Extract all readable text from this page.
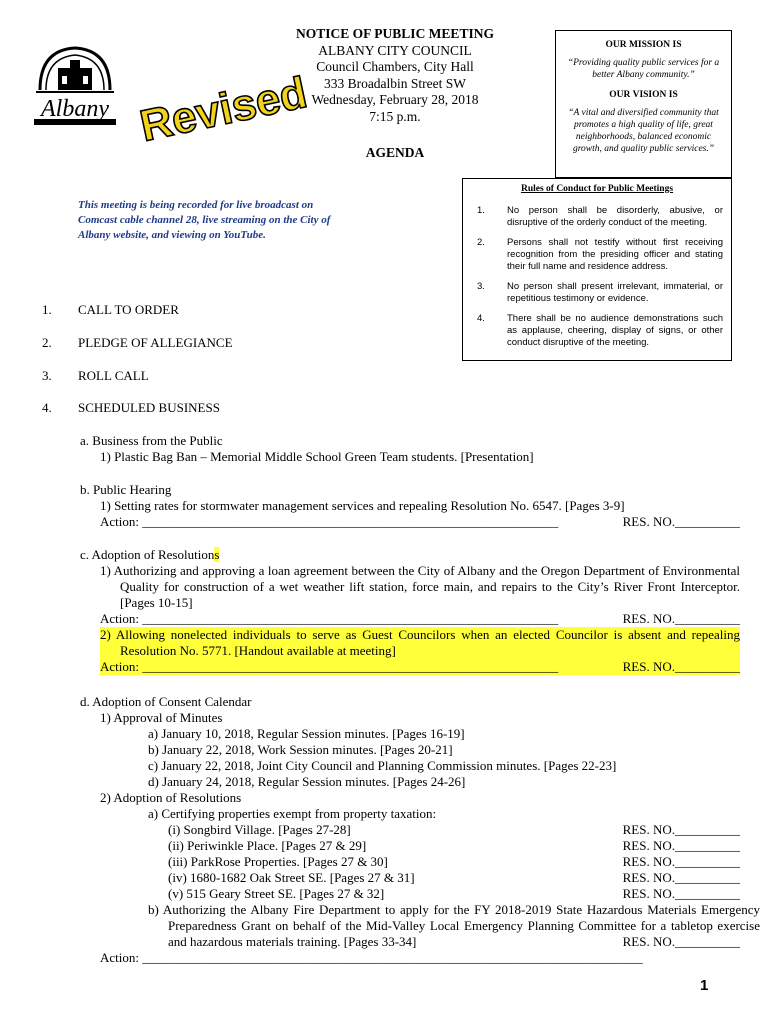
Albany Revised
NOTICE OF PUBLIC MEETING
ALBANY CITY COUNCIL
Council Chambers, City Hall
333 Broadalbin Street SW
Wednesday, February 28, 2018
7:15 p.m.
AGENDA
OUR MISSION IS
“Providing quality public services for a better Albany community.”
OUR VISION IS
“A vital and diversified community that promotes a high quality of life, great neighborhoods, balanced economic growth, and quality public services.”
Rules of Conduct for Public Meetings
1.	No person shall be disorderly, abusive, or disruptive of the orderly conduct of the meeting.
2.	Persons shall not testify without first receiving recognition from the presiding officer and stating their full name and residence address.
3.	No person shall present irrelevant, immaterial, or repetitious testimony or evidence.
4.	There shall be no audience demonstrations such as applause, cheering, display of signs, or other conduct disruptive of the meeting.
This meeting is being recorded for live broadcast on Comcast cable channel 28, live streaming on the City of Albany website, and viewing on YouTube.
1. CALL TO ORDER
2. PLEDGE OF ALLEGIANCE
3. ROLL CALL
4. SCHEDULED BUSINESS
a. Business from the Public
1) Plastic Bag Ban – Memorial Middle School Green Team students. [Presentation]
b. Public Hearing
1) Setting rates for stormwater management services and repealing Resolution No. 6547. [Pages 3-9]
Action: ________________________________________________________________	RES. NO.__________
c. Adoption of Resolutions
1) Authorizing and approving a loan agreement between the City of Albany and the Oregon Department of Environmental Quality for construction of a wet weather lift station, force main, and repairs to the City’s River Front Interceptor. [Pages 10-15]
Action: ________________________________________________________________	RES. NO.__________
2) Allowing nonelected individuals to serve as Guest Councilors when an elected Councilor is absent and repealing Resolution No. 5771. [Handout available at meeting]
Action: ________________________________________________________________	RES. NO.__________
d. Adoption of Consent Calendar
1) Approval of Minutes
a) January 10, 2018, Regular Session minutes. [Pages 16-19]
b) January 22, 2018, Work Session minutes. [Pages 20-21]
c) January 22, 2018, Joint City Council and Planning Commission minutes. [Pages 22-23]
d) January 24, 2018, Regular Session minutes. [Pages 24-26]
2) Adoption of Resolutions
a) Certifying properties exempt from property taxation:
(i) Songbird Village. [Pages 27-28]	RES. NO.__________
(ii) Periwinkle Place. [Pages 27 & 29]	RES. NO.__________
(iii) ParkRose Properties. [Pages 27 & 30]	RES. NO.__________
(iv) 1680-1682 Oak Street SE. [Pages 27 & 31]	RES. NO.__________
(v) 515 Geary Street SE. [Pages 27 & 32]	RES. NO.__________
b) Authorizing the Albany Fire Department to apply for the FY 2018-2019 State Hazardous Materials Emergency Preparedness Grant on behalf of the Mid-Valley Local Emergency Planning Committee for a tabletop exercise and hazardous materials training. [Pages 33-34]	RES. NO.__________
Action: _____________________________________________________________________________
1
